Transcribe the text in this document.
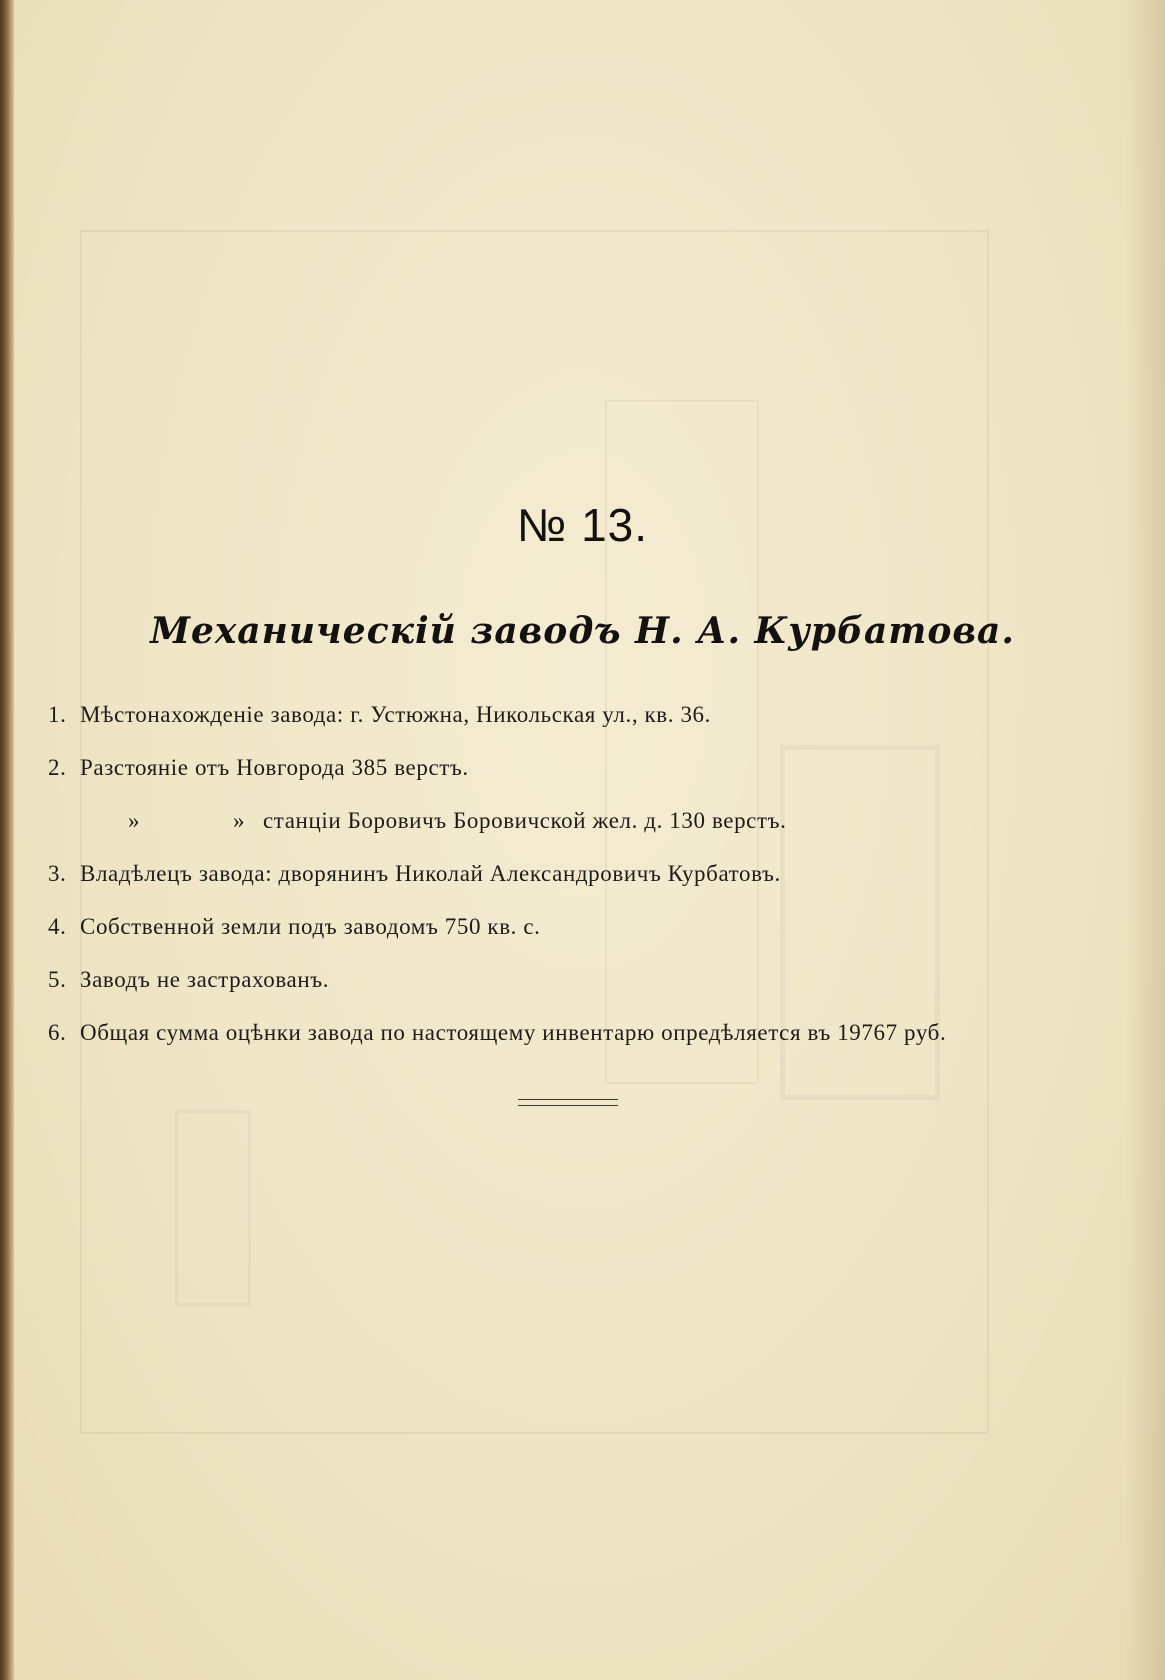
№ 13.
Механическій заводъ Н. А. Курбатова.
1. Мѣстонахожденіе завода: г. Устюжна, Никольская ул., кв. 36.
2. Разстояніе отъ Новгорода 385 верстъ.
»	» станціи Боровичъ Боровичской жел. д. 130 верстъ.
3. Владѣлецъ завода: дворянинъ Николай Александровичъ Курбатовъ.
4. Собственной земли подъ заводомъ 750 кв. с.
5. Заводъ не застрахованъ.
6. Общая сумма оцѣнки завода по настоящему инвентарю опредѣляется въ 19767 руб.
